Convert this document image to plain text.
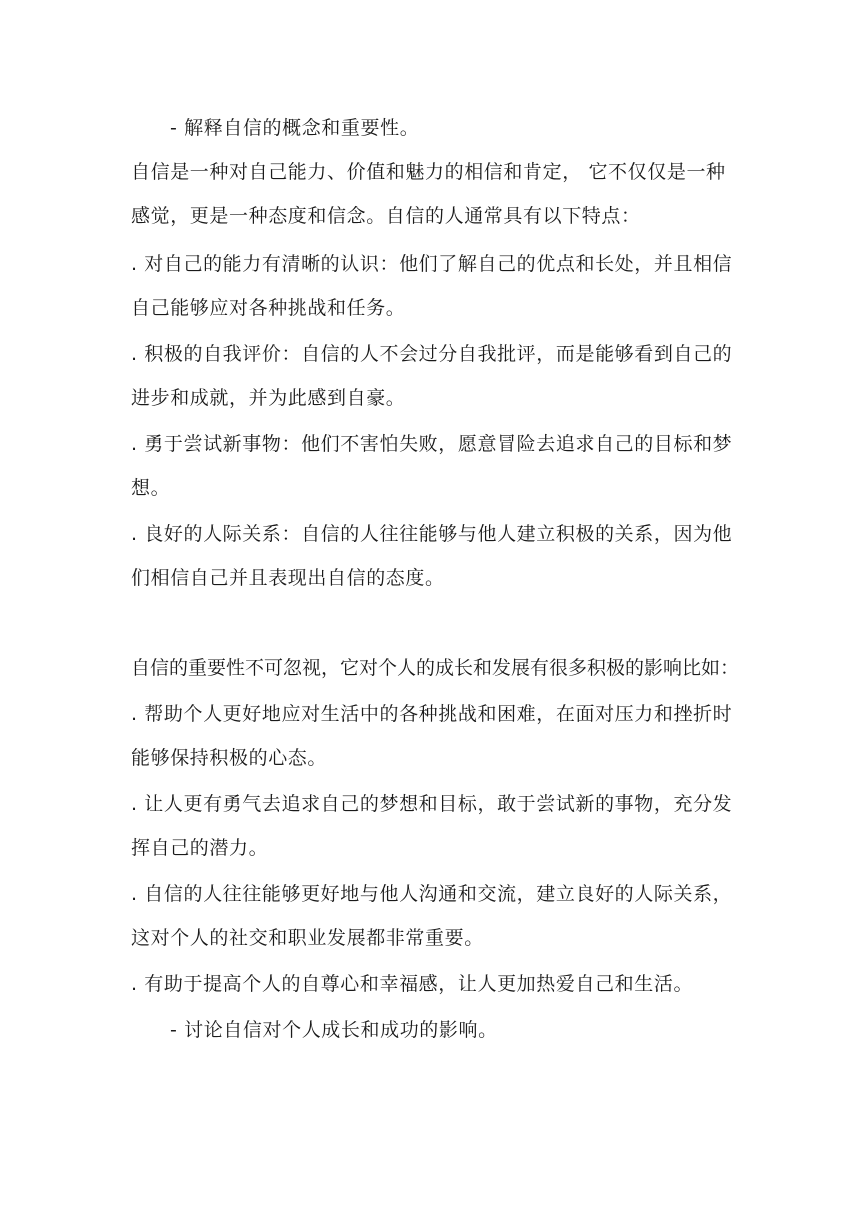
- 解释自信的概念和重要性。
自信是一种对自己能力、价值和魅力的相信和肯定， 它不仅仅是一种
感觉，更是一种态度和信念。自信的人通常具有以下特点：
. 对自己的能力有清晰的认识：他们了解自己的优点和长处，并且相信
自己能够应对各种挑战和任务。
. 积极的自我评价：自信的人不会过分自我批评，而是能够看到自己的
进步和成就，并为此感到自豪。
. 勇于尝试新事物：他们不害怕失败，愿意冒险去追求自己的目标和梦
想。
. 良好的人际关系：自信的人往往能够与他人建立积极的关系，因为他
们相信自己并且表现出自信的态度。
自信的重要性不可忽视，它对个人的成长和发展有很多积极的影响比如：
. 帮助个人更好地应对生活中的各种挑战和困难，在面对压力和挫折时
能够保持积极的心态。
. 让人更有勇气去追求自己的梦想和目标，敢于尝试新的事物，充分发
挥自己的潜力。
. 自信的人往往能够更好地与他人沟通和交流，建立良好的人际关系，
这对个人的社交和职业发展都非常重要。
. 有助于提高个人的自尊心和幸福感，让人更加热爱自己和生活。
- 讨论自信对个人成长和成功的影响。
